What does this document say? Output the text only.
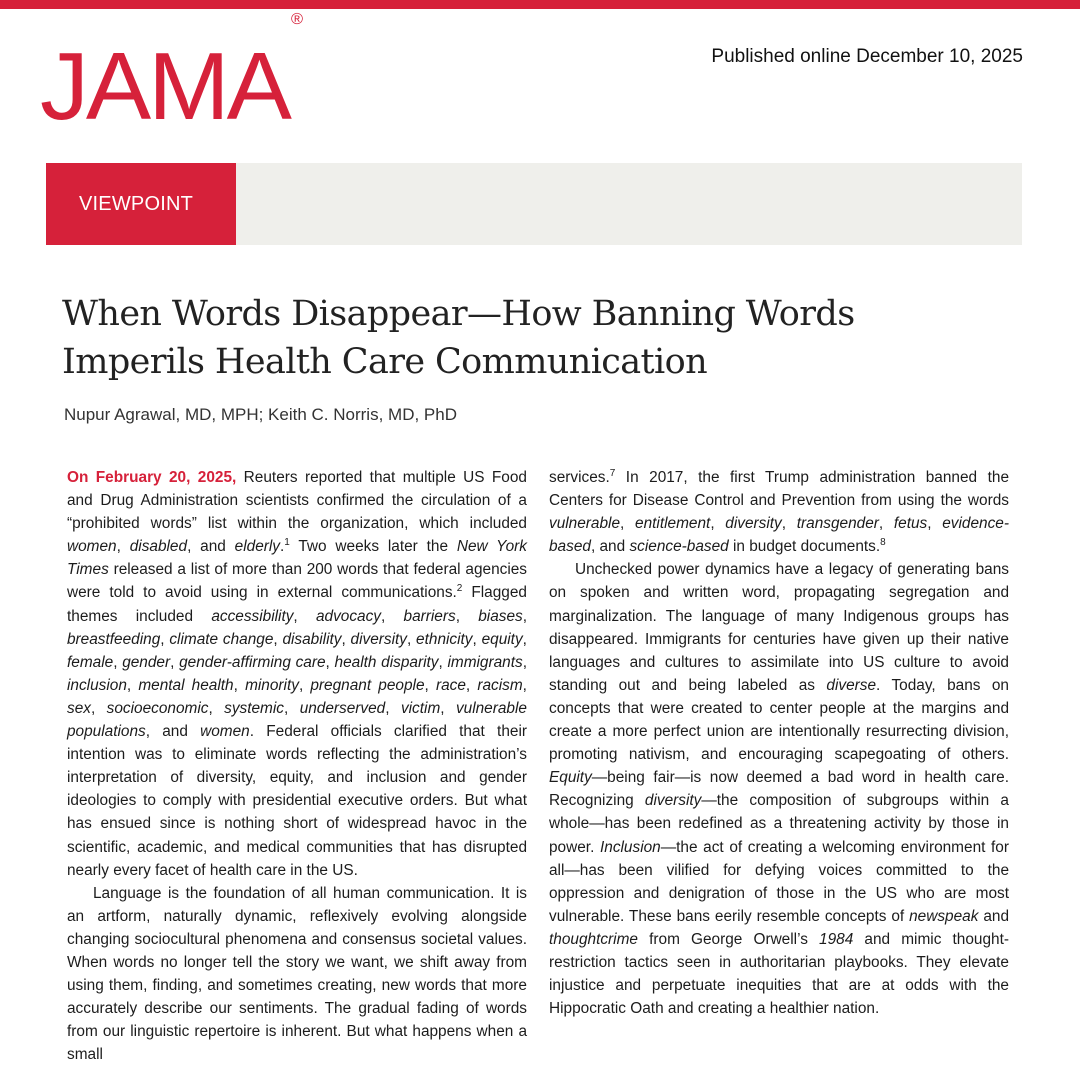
JAMA®
Published online December 10, 2025
VIEWPOINT
When Words Disappear—How Banning Words Imperils Health Care Communication
Nupur Agrawal, MD, MPH; Keith C. Norris, MD, PhD

On February 20, 2025, Reuters reported that multiple US Food and Drug Administration scientists confirmed the circulation of a “prohibited words” list within the organization, which included women, disabled, and elderly.$^1$ Two weeks later the New York Times released a list of more than 200 words that federal agencies were told to avoid using in external communications.$^2$ Flagged themes included accessibility, advocacy, barriers, biases, breastfeeding, climate change, disability, diversity, ethnicity, equity, female, gender, gender-affirming care, health disparity, immigrants, inclusion, mental health, minority, pregnant people, race, racism, sex, socioeconomic, systemic, underserved, victim, vulnerable populations, and women. Federal officials clarified that their intention was to eliminate words reflecting the administration’s interpretation of diversity, equity, and inclusion and gender ideologies to comply with presidential executive orders. But what has ensued since is nothing short of widespread havoc in the scientific, academic, and medical communities that has disrupted nearly every facet of health care in the US.

Language is the foundation of all human communication. It is an artform, naturally dynamic, reflexively evolving alongside changing sociocultural phenomena and consensus societal values. When words no longer tell the story we want, we shift away from using them, finding, and sometimes creating, new words that more accurately describe our sentiments. The gradual fading of words from our linguistic repertoire is inherent. But what happens when a small

services.$^7$ In 2017, the first Trump administration banned the Centers for Disease Control and Prevention from using the words vulnerable, entitlement, diversity, transgender, fetus, evidence-based, and science-based in budget documents.$^8$

Unchecked power dynamics have a legacy of generating bans on spoken and written word, propagating segregation and marginalization. The language of many Indigenous groups has disappeared. Immigrants for centuries have given up their native languages and cultures to assimilate into US culture to avoid standing out and being labeled as diverse. Today, bans on concepts that were created to center people at the margins and create a more perfect union are intentionally resurrecting division, promoting nativism, and encouraging scapegoating of others. Equity—being fair—is now deemed a bad word in health care. Recognizing diversity—the composition of subgroups within a whole—has been redefined as a threatening activity by those in power. Inclusion—the act of creating a welcoming environment for all—has been vilified for defying voices committed to the oppression and denigration of those in the US who are most vulnerable. These bans eerily resemble concepts of newspeak and thoughtcrime from George Orwell’s 1984 and mimic thought-restriction tactics seen in authoritarian playbooks. They elevate injustice and perpetuate inequities that are at odds with the Hippocratic Oath and creating a healthier nation.
